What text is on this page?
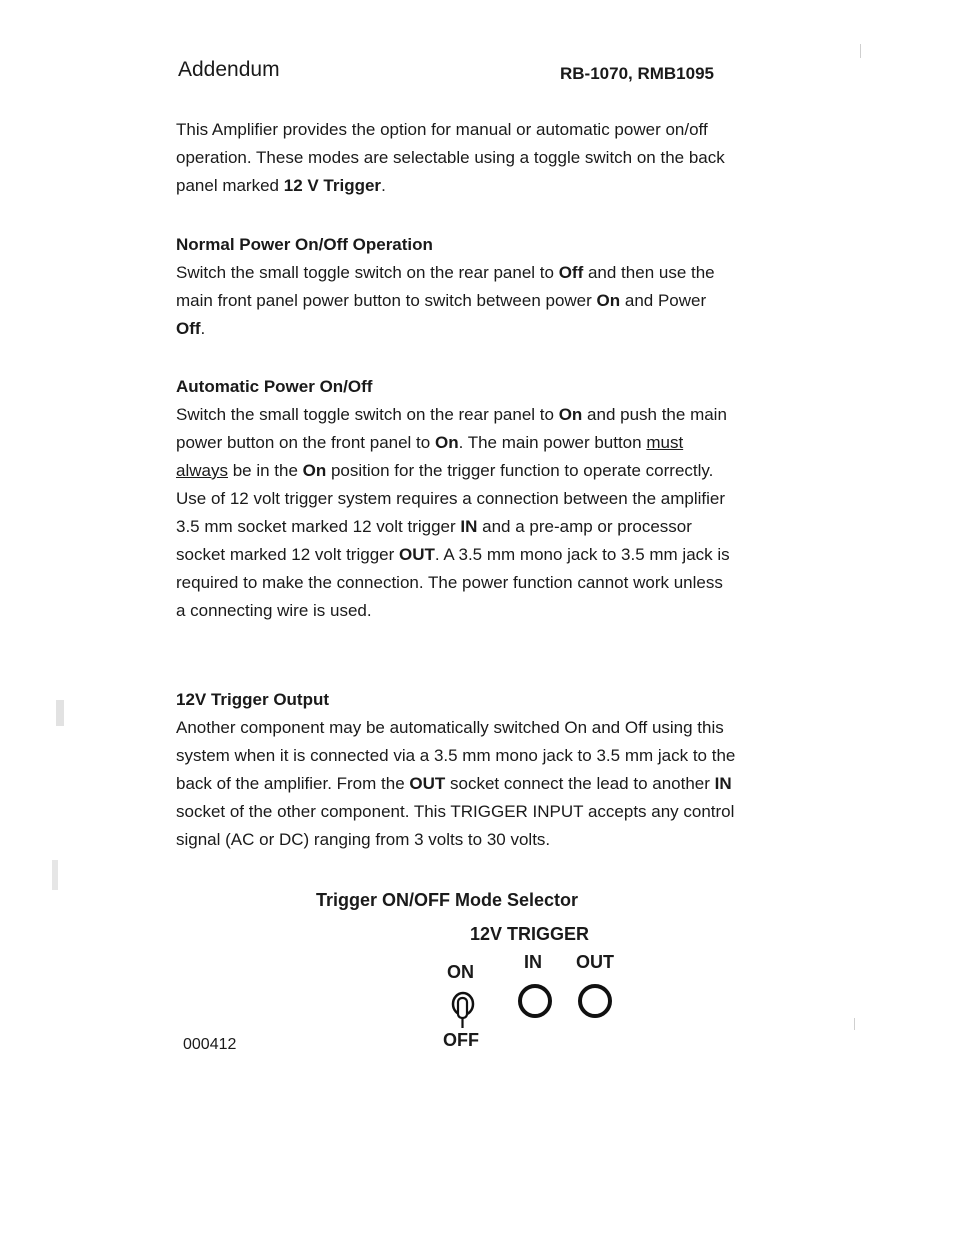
Addendum	RB-1070, RMB1095

This Amplifier provides the option for manual or automatic power on/off operation. These modes are selectable using a toggle switch on the back panel marked 12 V Trigger.

Normal Power On/Off Operation

Switch the small toggle switch on the rear panel to Off and then use the main front panel power button to switch between power On and Power Off.

Automatic Power On/Off

Switch the small toggle switch on the rear panel to On and push the main power button on the front panel to On. The main power button must always be in the On position for the trigger function to operate correctly.

Use of 12 volt trigger system requires a connection between the amplifier 3.5 mm socket marked 12 volt trigger IN and a pre-amp or processor socket marked 12 volt trigger OUT. A 3.5 mm mono jack to 3.5 mm jack is required to make the connection. The power function cannot work unless a connecting wire is used.

12V Trigger Output

Another component may be automatically switched On and Off using this system when it is connected via a 3.5 mm mono jack to 3.5 mm jack to the back of the amplifier. From the OUT socket connect the lead to another IN socket of the other component. This TRIGGER INPUT accepts any control signal (AC or DC) ranging from 3 volts to 30 volts.

Trigger ON/OFF Mode Selector
12V TRIGGER
ON	IN OUT
OFF
000412
